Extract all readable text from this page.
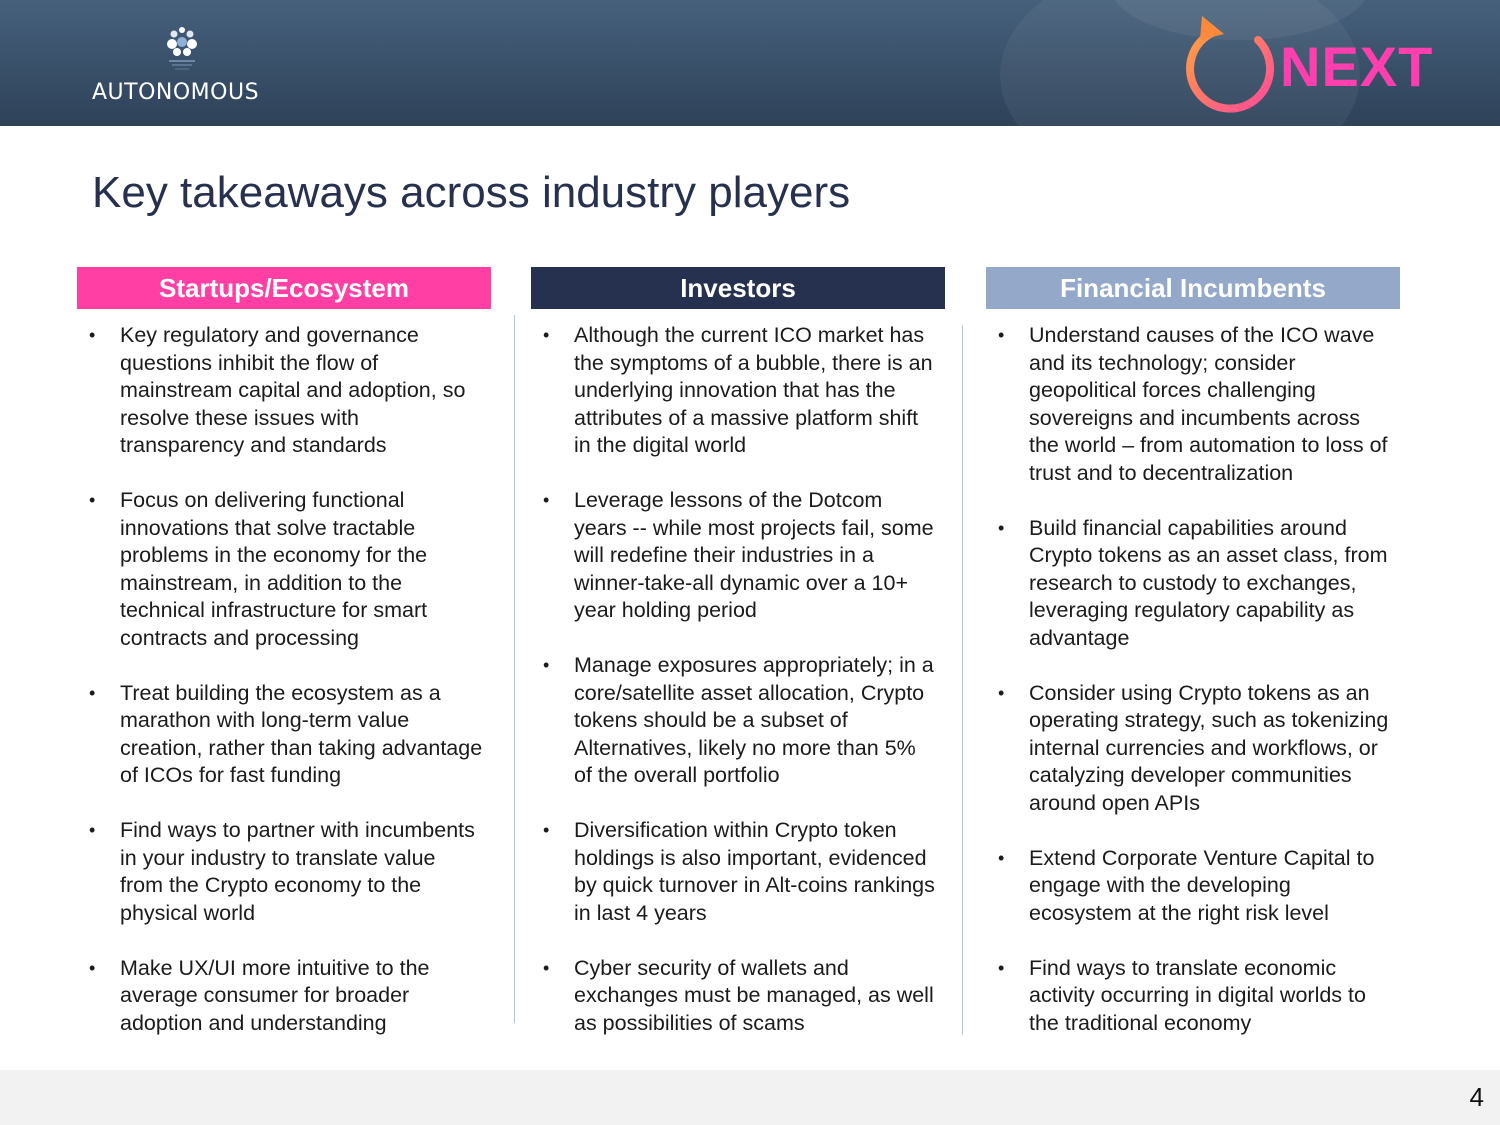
AUTONOMOUS	NEXT
Key takeaways across industry players
Startups/Ecosystem
• Key regulatory and governance questions inhibit the flow of mainstream capital and adoption, so resolve these issues with transparency and standards
• Focus on delivering functional innovations that solve tractable problems in the economy for the mainstream, in addition to the technical infrastructure for smart contracts and processing
• Treat building the ecosystem as a marathon with long-term value creation, rather than taking advantage of ICOs for fast funding
• Find ways to partner with incumbents in your industry to translate value from the Crypto economy to the physical world
• Make UX/UI more intuitive to the average consumer for broader adoption and understanding
Investors
• Although the current ICO market has the symptoms of a bubble, there is an underlying innovation that has the attributes of a massive platform shift in the digital world
• Leverage lessons of the Dotcom years -- while most projects fail, some will redefine their industries in a winner-take-all dynamic over a 10+ year holding period
• Manage exposures appropriately; in a core/satellite asset allocation, Crypto tokens should be a subset of Alternatives, likely no more than 5% of the overall portfolio
• Diversification within Crypto token holdings is also important, evidenced by quick turnover in Alt-coins rankings in last 4 years
• Cyber security of wallets and exchanges must be managed, as well as possibilities of scams
Financial Incumbents
• Understand causes of the ICO wave and its technology; consider geopolitical forces challenging sovereigns and incumbents across the world – from automation to loss of trust and to decentralization
• Build financial capabilities around Crypto tokens as an asset class, from research to custody to exchanges, leveraging regulatory capability as advantage
• Consider using Crypto tokens as an operating strategy, such as tokenizing internal currencies and workflows, or catalyzing developer communities around open APIs
• Extend Corporate Venture Capital to engage with the developing ecosystem at the right risk level
• Find ways to translate economic activity occurring in digital worlds to the traditional economy
4
